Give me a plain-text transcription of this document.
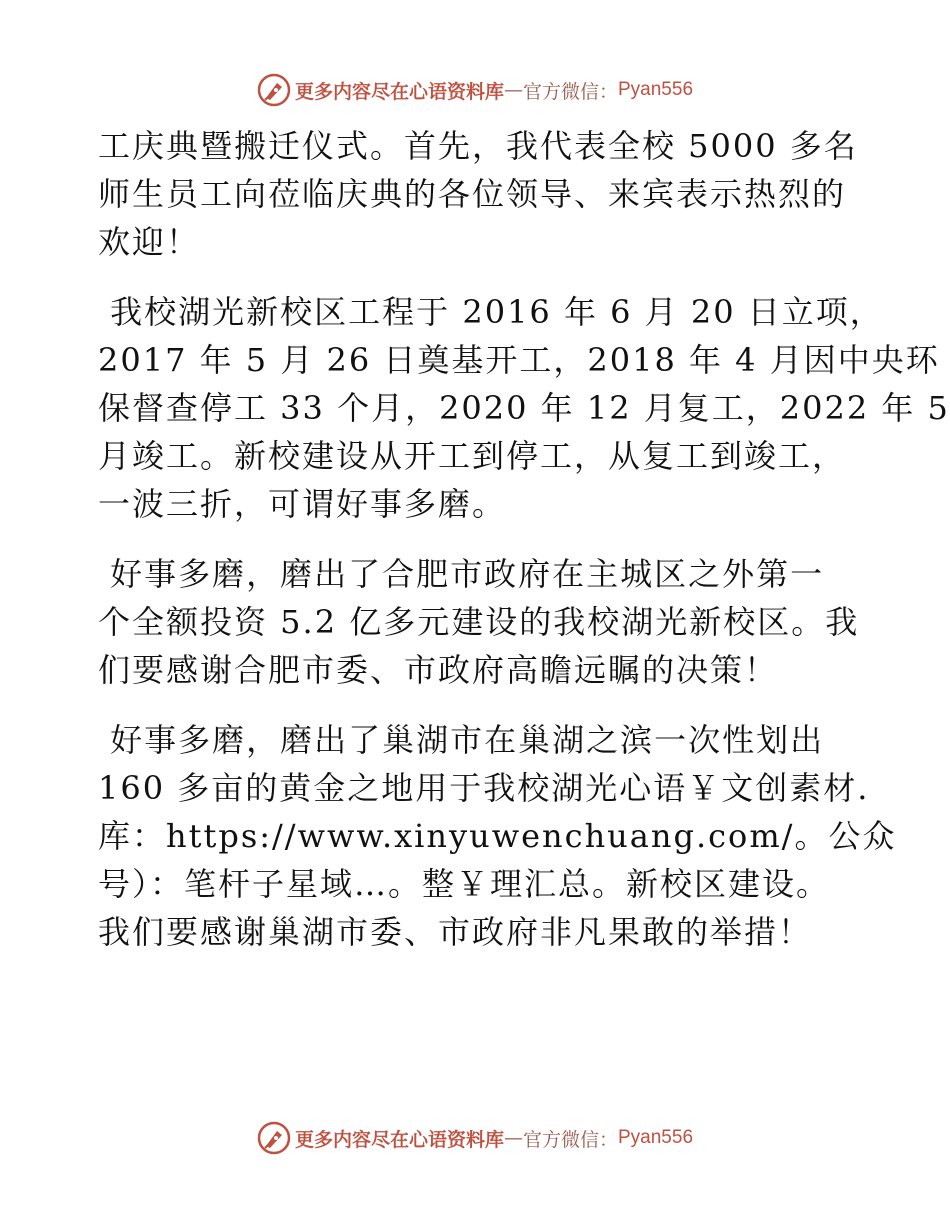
更多内容尽在心语资料库 — 官方微信： Pyan556
工庆典暨搬迁仪式。首先，我代表全校 5000 多名
师生员工向莅临庆典的各位领导、来宾表示热烈的
欢迎！
我校湖光新校区工程于 2016 年 6 月 20 日立项，
2017 年 5 月 26 日奠基开工，2018 年 4 月因中央环
保督查停工 33 个月，2020 年 12 月复工，2022 年 5
月竣工。新校建设从开工到停工，从复工到竣工，
一波三折，可谓好事多磨。
好事多磨，磨出了合肥市政府在主城区之外第一
个全额投资 5.2 亿多元建设的我校湖光新校区。我
们要感谢合肥市委、市政府高瞻远瞩的决策！
好事多磨，磨出了巢湖市在巢湖之滨一次性划出
160 多亩的黄金之地用于我校湖光心语￥文创素材.
库：https://www.xinyuwenchuang.com/。公众
号）：笔杆子星域…。整￥理汇总。新校区建设。
我们要感谢巢湖市委、市政府非凡果敢的举措！
更多内容尽在心语资料库 — 官方微信： Pyan556
